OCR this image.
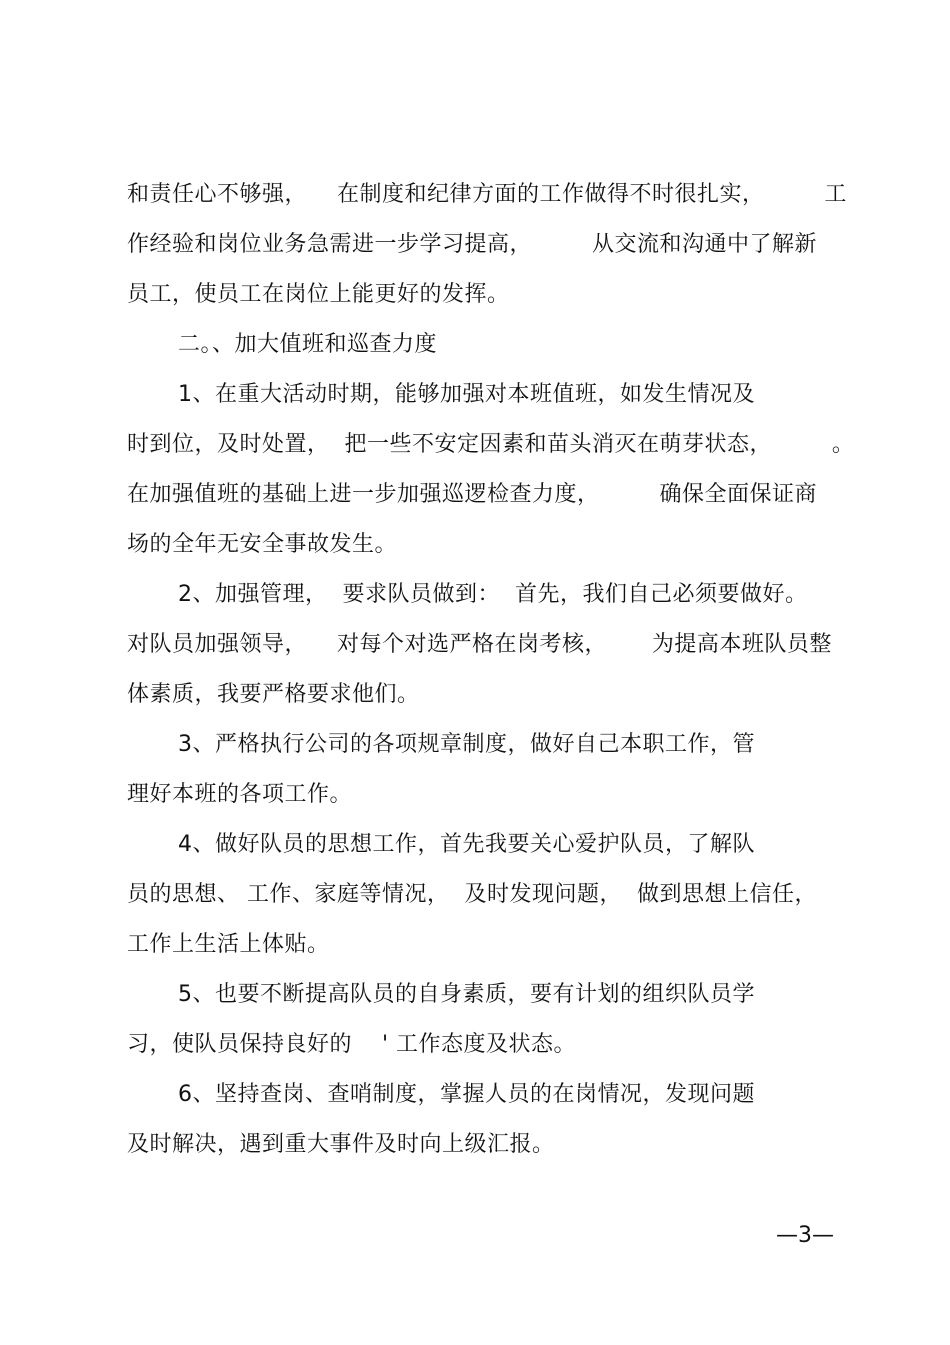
和责任心不够强，    在制度和纪律方面的工作做得不时很扎实，        工
作经验和岗位业务急需进一步学习提高，        从交流和沟通中了解新
员工，使员工在岗位上能更好的发挥。
二。、加大值班和巡查力度
1、在重大活动时期，能够加强对本班值班，如发生情况及
时到位，及时处置，  把一些不安定因素和苗头消灭在萌芽状态，        。
在加强值班的基础上进一步加强巡逻检查力度，        确保全面保证商
场的全年无安全事故发生。
2、加强管理，  要求队员做到：  首先，我们自己必须要做好。
对队员加强领导，    对每个对选严格在岗考核，      为提高本班队员整
体素质，我要严格要求他们。
3、严格执行公司的各项规章制度，做好自己本职工作，管
理好本班的各项工作。
4、做好队员的思想工作，首先我要关心爱护队员，了解队
员的思想、 工作、家庭等情况，  及时发现问题，  做到思想上信任，
工作上生活上体贴。
5、也要不断提高队员的自身素质，要有计划的组织队员学
习，使队员保持良好的    ' 工作态度及状态。
6、坚持查岗、查哨制度，掌握人员的在岗情况，发现问题
及时解决，遇到重大事件及时向上级汇报。
—3—
